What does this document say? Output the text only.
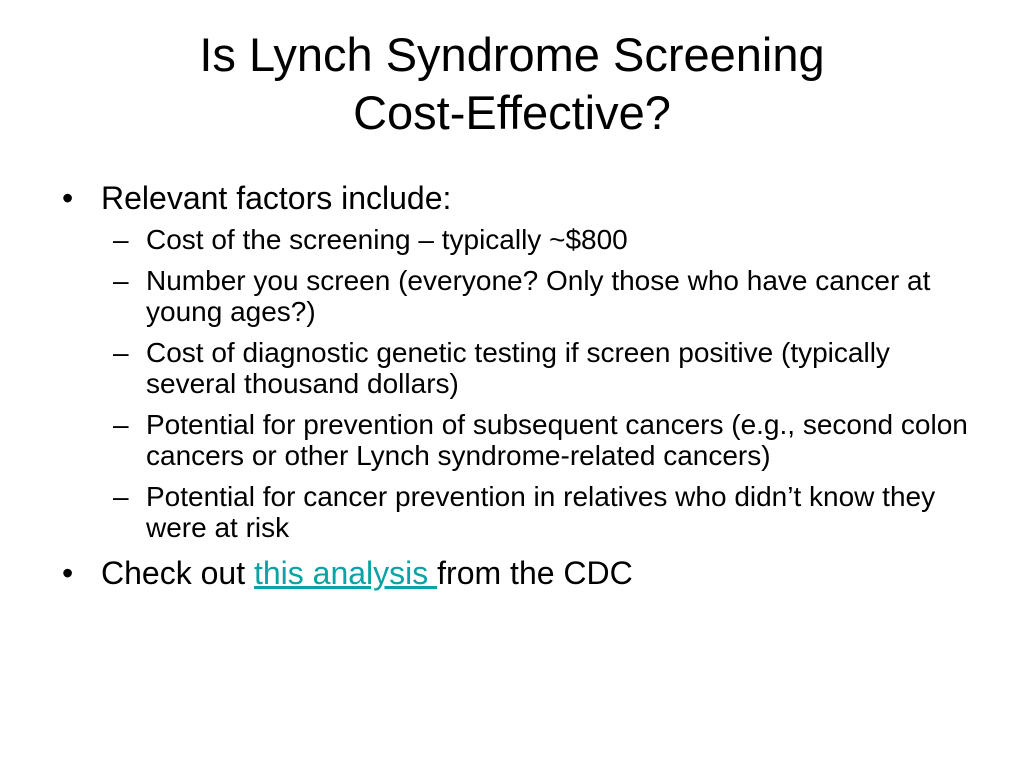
Is Lynch Syndrome Screening
Cost-Effective?
• Relevant factors include:
– Cost of the screening – typically ~$800
– Number you screen (everyone? Only those who have cancer at young ages?)
– Cost of diagnostic genetic testing if screen positive (typically several thousand dollars)
– Potential for prevention of subsequent cancers (e.g., second colon cancers or other Lynch syndrome-related cancers)
– Potential for cancer prevention in relatives who didn’t know they were at risk
• Check out this analysis from the CDC
